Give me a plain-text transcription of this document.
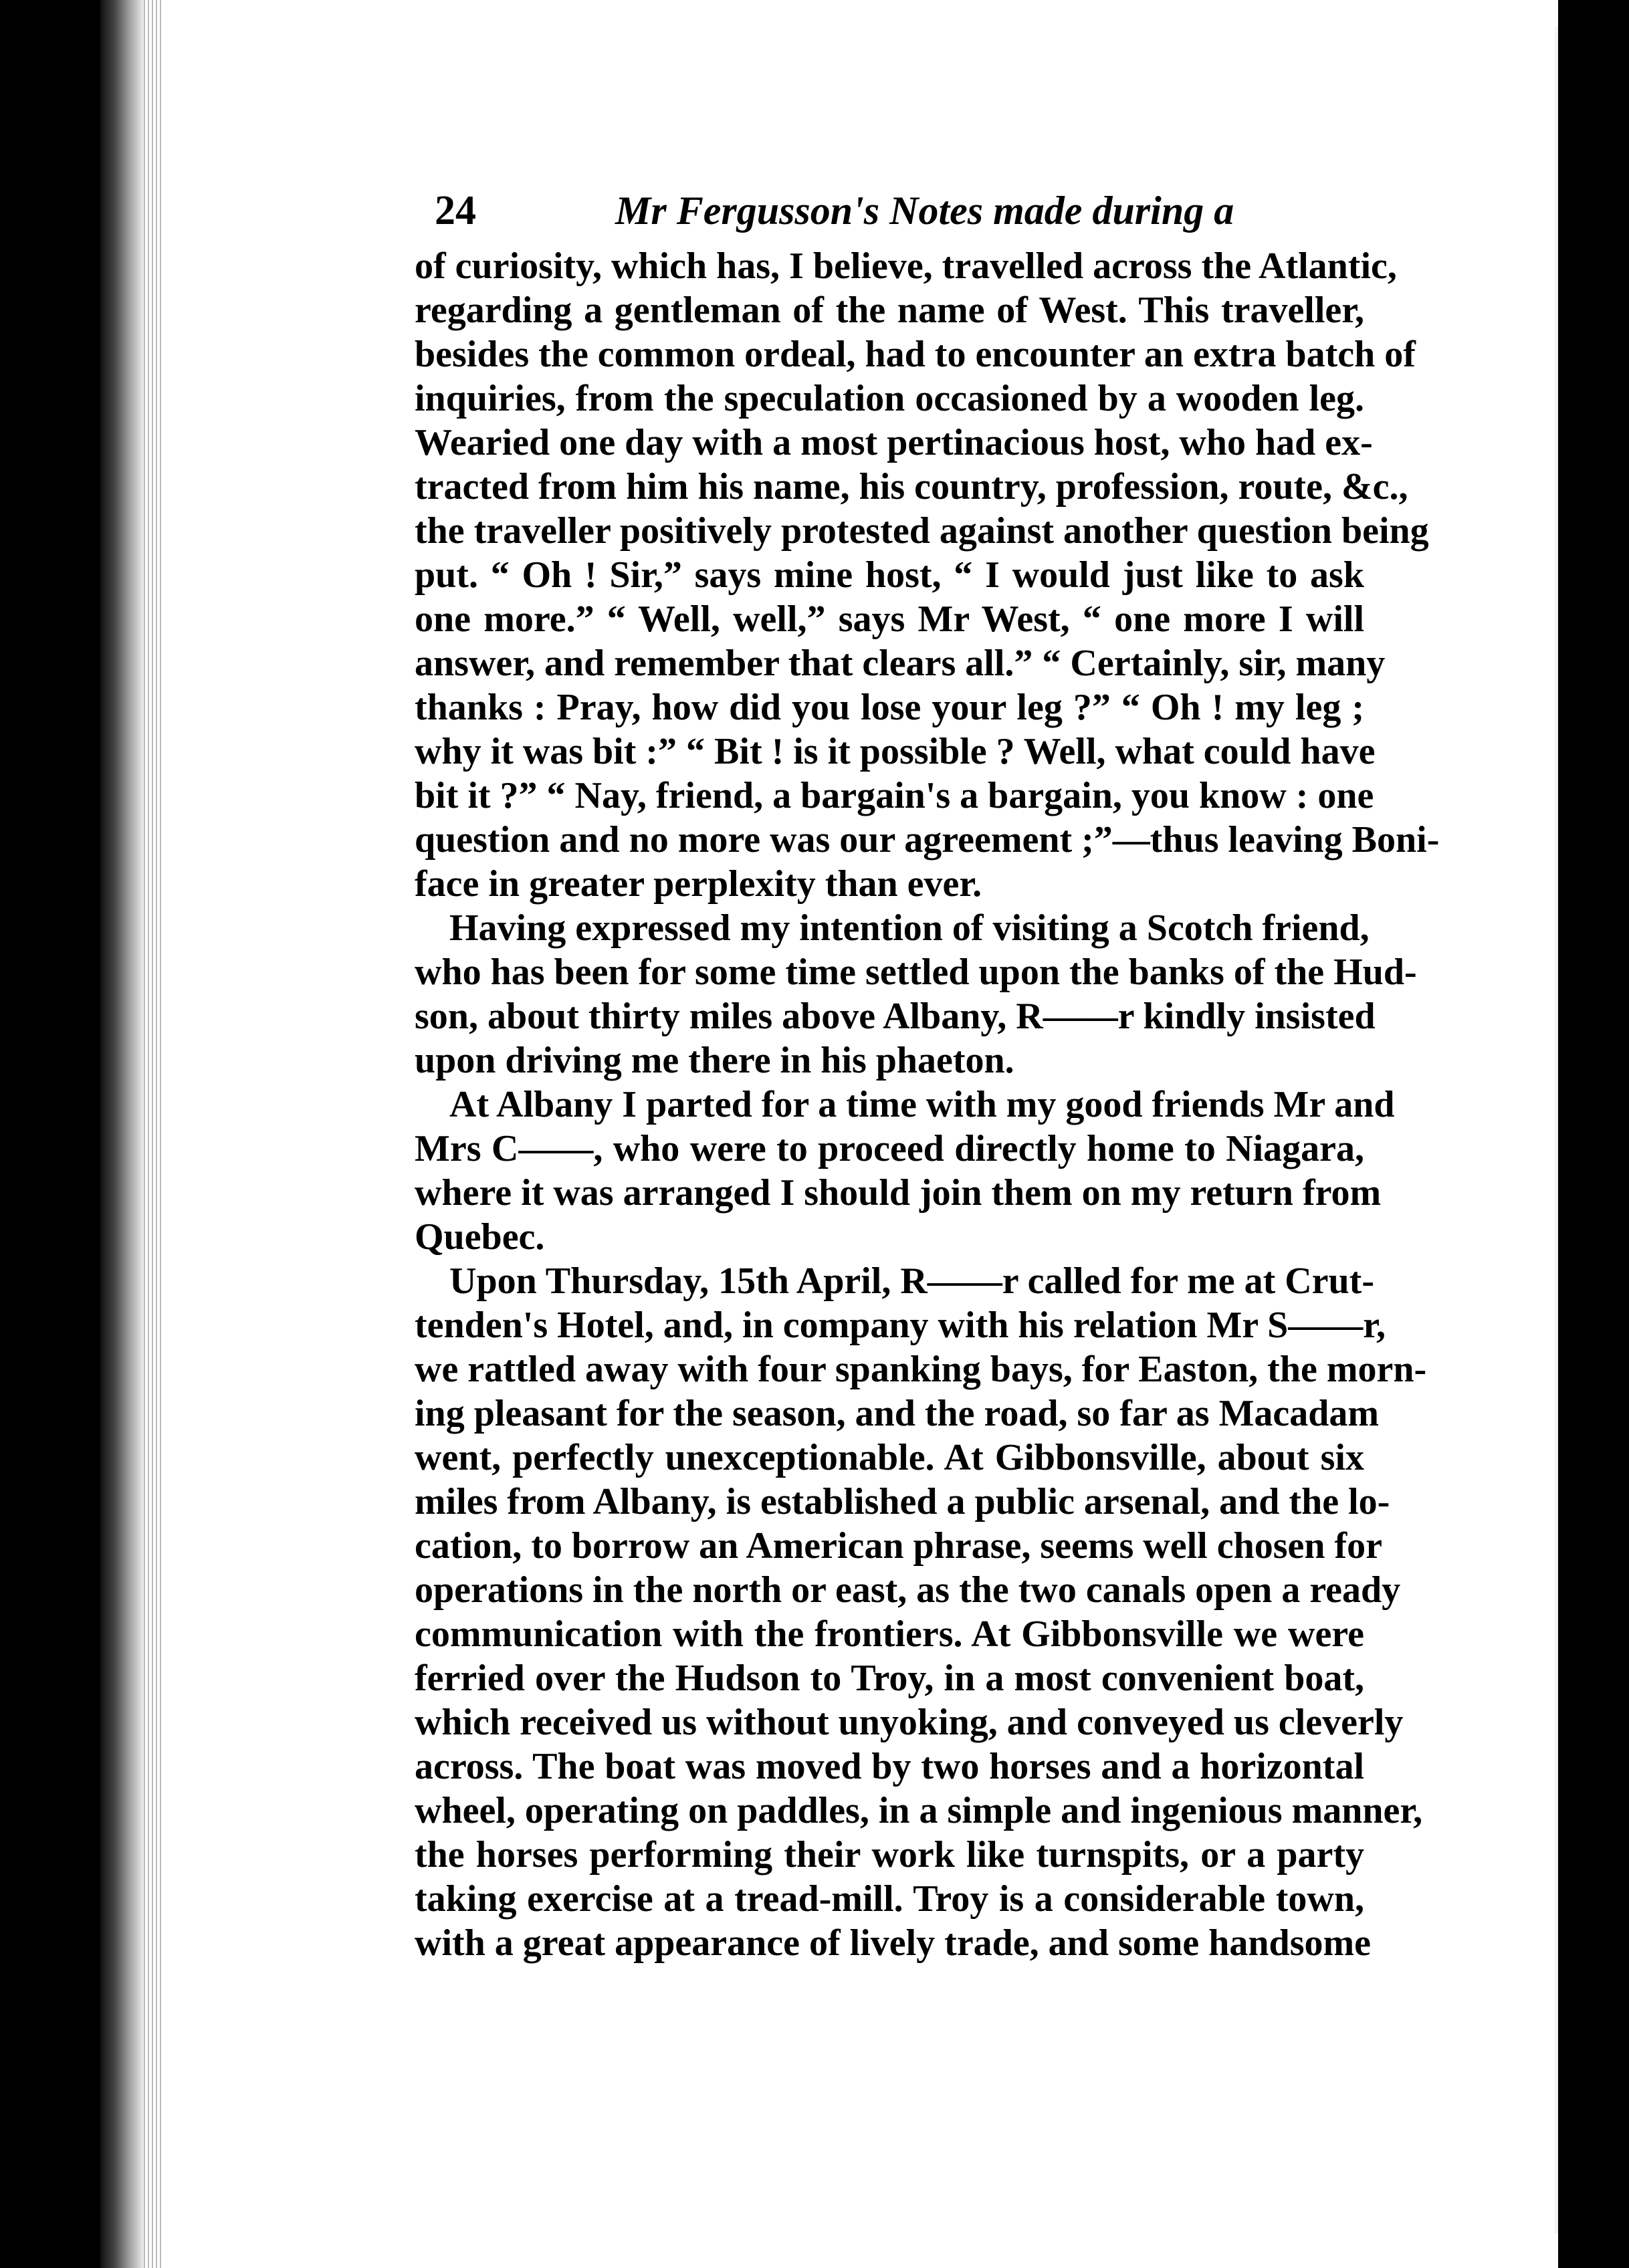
24	Mr Fergusson's Notes made during a
of curiosity, which has, I believe, travelled across the Atlantic,
regarding a gentleman of the name of West. This traveller,
besides the common ordeal, had to encounter an extra batch of
inquiries, from the speculation occasioned by a wooden leg.
Wearied one day with a most pertinacious host, who had ex-
tracted from him his name, his country, profession, route, &c.,
the traveller positively protested against another question being
put. “ Oh ! Sir,” says mine host, “ I would just like to ask
one more.” “ Well, well,” says Mr West, “ one more I will
answer, and remember that clears all.” “ Certainly, sir, many
thanks : Pray, how did you lose your leg ?” “ Oh ! my leg ;
why it was bit :” “ Bit ! is it possible ? Well, what could have
bit it ?” “ Nay, friend, a bargain's a bargain, you know : one
question and no more was our agreement ;”—thus leaving Boni-
face in greater perplexity than ever.
Having expressed my intention of visiting a Scotch friend,
who has been for some time settled upon the banks of the Hud-
son, about thirty miles above Albany, R——r kindly insisted
upon driving me there in his phaeton.
At Albany I parted for a time with my good friends Mr and
Mrs C——, who were to proceed directly home to Niagara,
where it was arranged I should join them on my return from
Quebec.
Upon Thursday, 15th April, R——r called for me at Crut-
tenden's Hotel, and, in company with his relation Mr S——r,
we rattled away with four spanking bays, for Easton, the morn-
ing pleasant for the season, and the road, so far as Macadam
went, perfectly unexceptionable. At Gibbonsville, about six
miles from Albany, is established a public arsenal, and the lo-
cation, to borrow an American phrase, seems well chosen for
operations in the north or east, as the two canals open a ready
communication with the frontiers. At Gibbonsville we were
ferried over the Hudson to Troy, in a most convenient boat,
which received us without unyoking, and conveyed us cleverly
across. The boat was moved by two horses and a horizontal
wheel, operating on paddles, in a simple and ingenious manner,
the horses performing their work like turnspits, or a party
taking exercise at a tread-mill. Troy is a considerable town,
with a great appearance of lively trade, and some handsome
